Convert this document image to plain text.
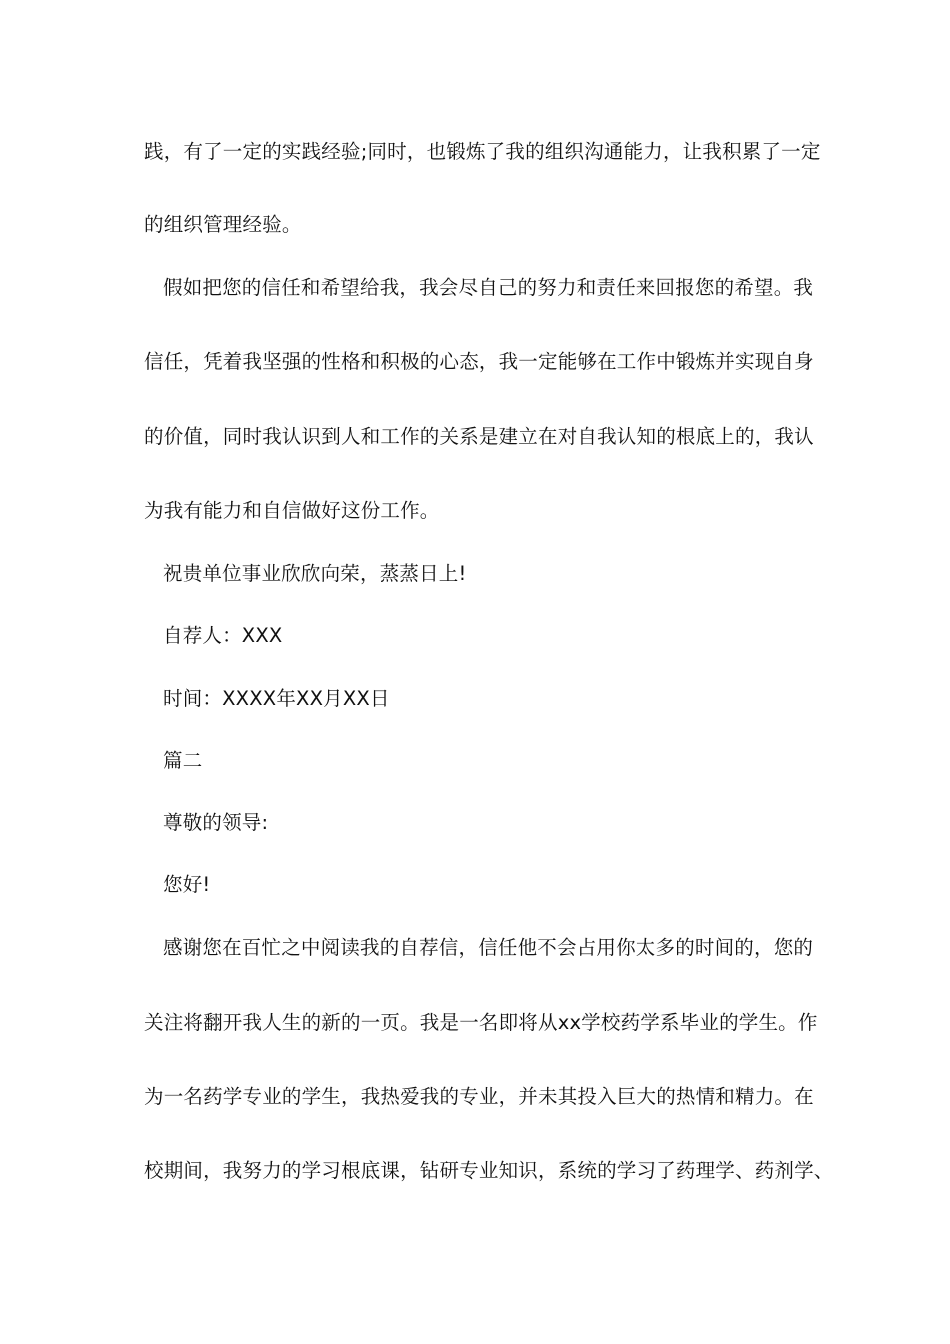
践，有了一定的实践经验;同时，也锻炼了我的组织沟通能力，让我积累了一定
的组织管理经验。
假如把您的信任和希望给我，我会尽自己的努力和责任来回报您的希望。我
信任，凭着我坚强的性格和积极的心态，我一定能够在工作中锻炼并实现自身
的价值，同时我认识到人和工作的关系是建立在对自我认知的根底上的，我认
为我有能力和自信做好这份工作。
祝贵单位事业欣欣向荣，蒸蒸日上!
自荐人：XXX
时间：XXXX年XX月XX日
篇二
尊敬的领导:
您好!
感谢您在百忙之中阅读我的自荐信，信任他不会占用你太多的时间的，您的
关注将翻开我人生的新的一页。我是一名即将从xx学校药学系毕业的学生。作
为一名药学专业的学生，我热爱我的专业，并未其投入巨大的热情和精力。在
校期间，我努力的学习根底课，钻研专业知识，系统的学习了药理学、药剂学、
